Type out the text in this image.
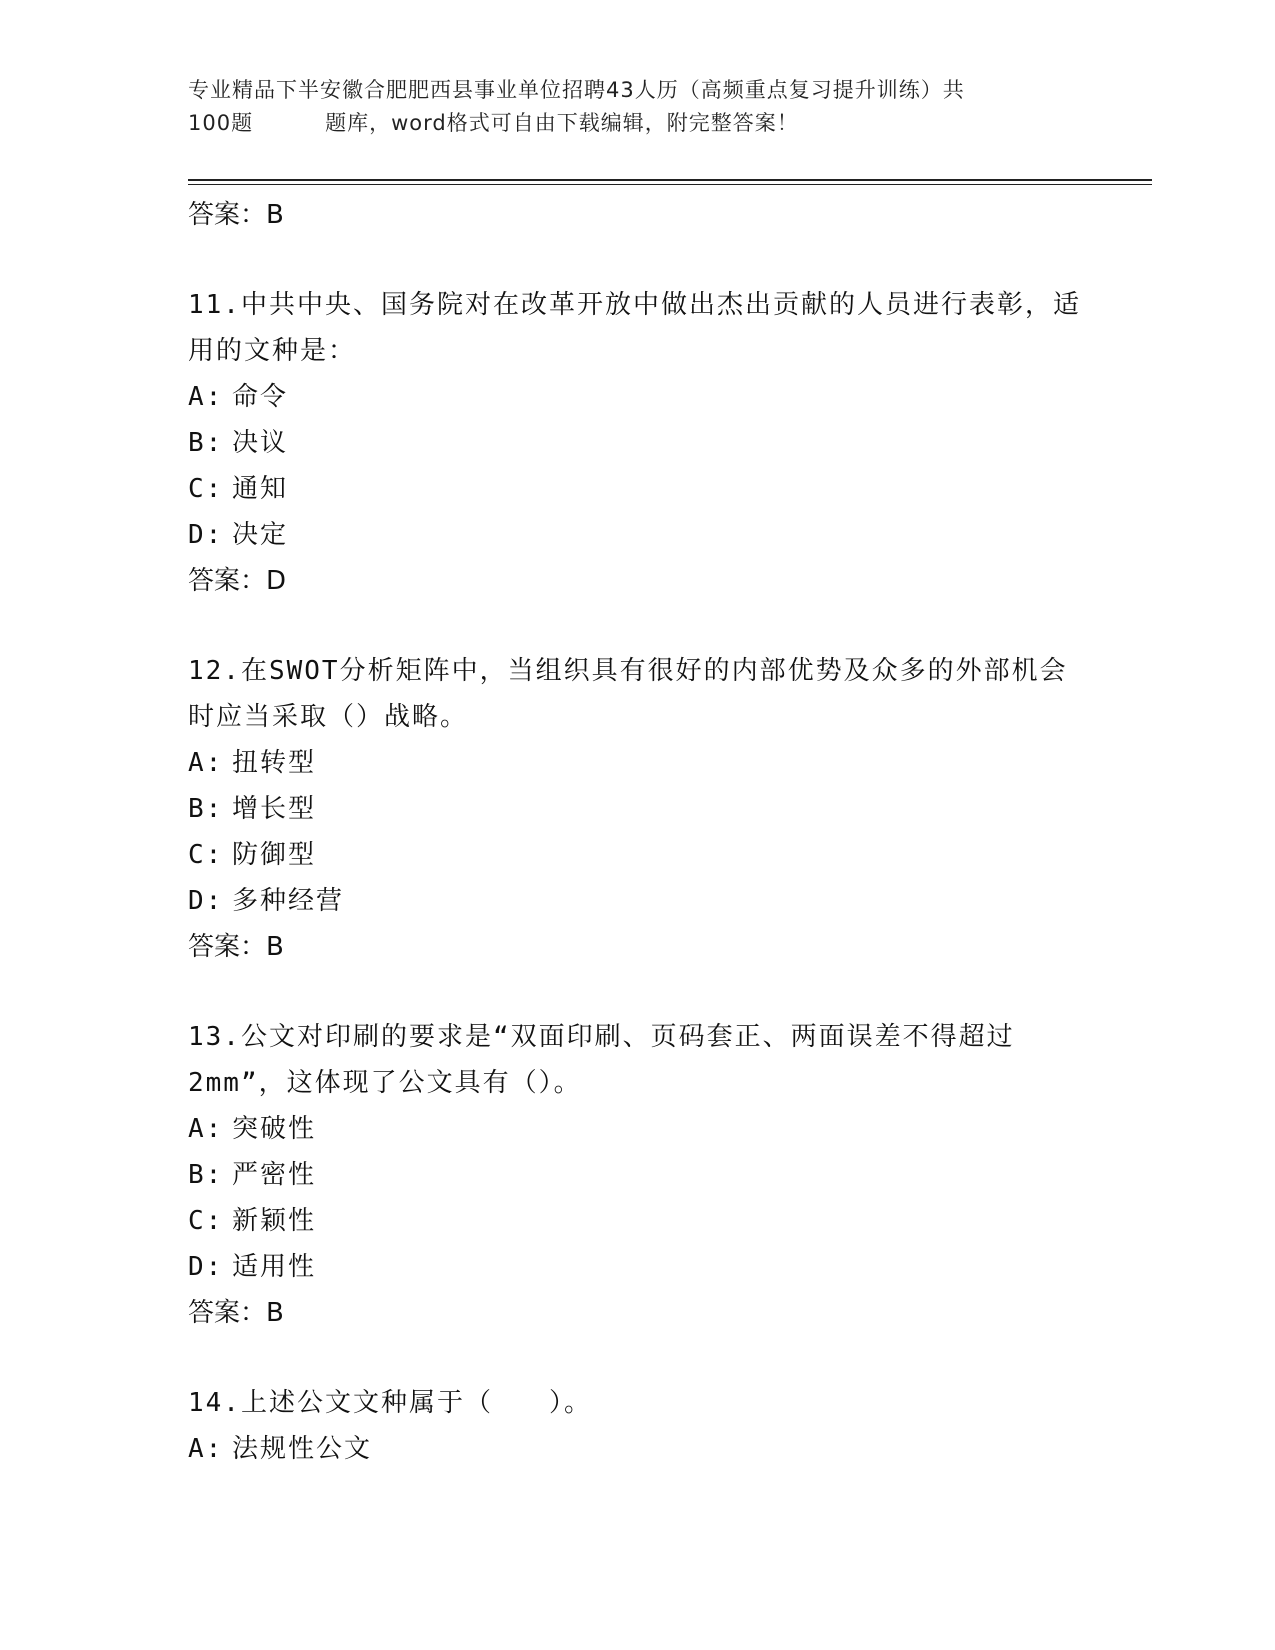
专业精品下半安徽合肥肥西县事业单位招聘43人历（高频重点复习提升训练）共
100题	题库，word格式可自由下载编辑，附完整答案！
答案：B
11.中共中央、国务院对在改革开放中做出杰出贡献的人员进行表彰，适用的文种是：
A: 命令
B: 决议
C: 通知
D: 决定
答案：D
12.在SWOT分析矩阵中，当组织具有很好的内部优势及众多的外部机会时应当采取（）战略。
A: 扭转型
B: 增长型
C: 防御型
D: 多种经营
答案：B
13.公文对印刷的要求是“双面印刷、页码套正、两面误差不得超过2mm”，这体现了公文具有（）。
A: 突破性
B: 严密性
C: 新颖性
D: 适用性
答案：B
14.上述公文文种属于（　　）。
A: 法规性公文
